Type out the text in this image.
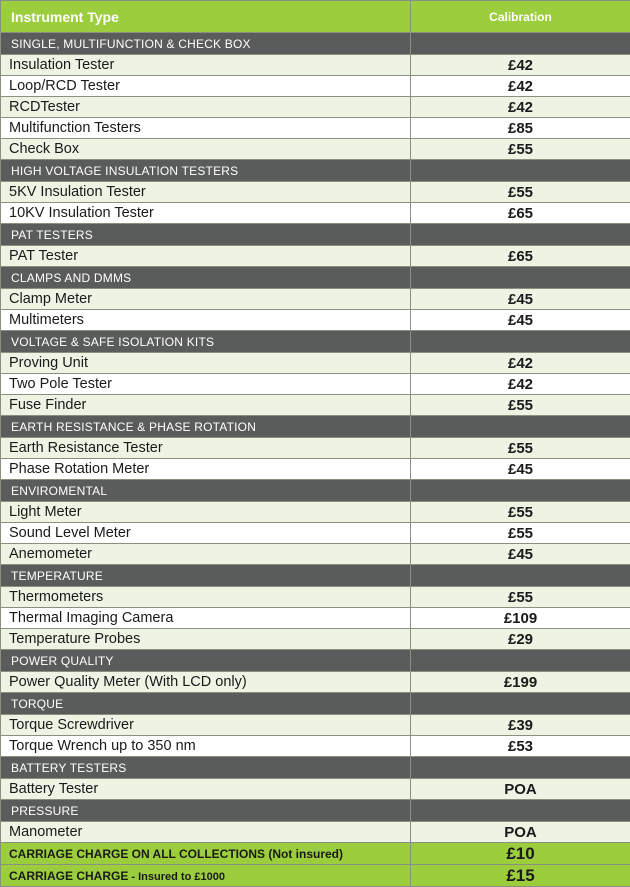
Instrument Type	Calibration
SINGLE, MULTIFUNCTION & CHECK BOX	
Insulation Tester	£42
Loop/RCD Tester	£42
RCDTester	£42
Multifunction Testers	£85
Check Box	£55
HIGH VOLTAGE INSULATION TESTERS	
5KV Insulation Tester	£55
10KV Insulation Tester	£65
PAT TESTERS	
PAT Tester	£65
CLAMPS AND DMMS	
Clamp Meter	£45
Multimeters	£45
VOLTAGE & SAFE ISOLATION KITS	
Proving Unit	£42
Two Pole Tester	£42
Fuse Finder	£55
EARTH RESISTANCE & PHASE ROTATION	
Earth Resistance Tester	£55
Phase Rotation Meter	£45
ENVIROMENTAL	
Light Meter	£55
Sound Level Meter	£55
Anemometer	£45
TEMPERATURE	
Thermometers	£55
Thermal Imaging Camera	£109
Temperature Probes	£29
POWER QUALITY	
Power Quality Meter (With LCD only)	£199
TORQUE	
Torque Screwdriver	£39
Torque Wrench up to 350 nm	£53
BATTERY TESTERS	
Battery Tester	POA
PRESSURE	
Manometer	POA
CARRIAGE CHARGE ON ALL COLLECTIONS (Not insured)	£10
CARRIAGE CHARGE - Insured to £1000	£15
